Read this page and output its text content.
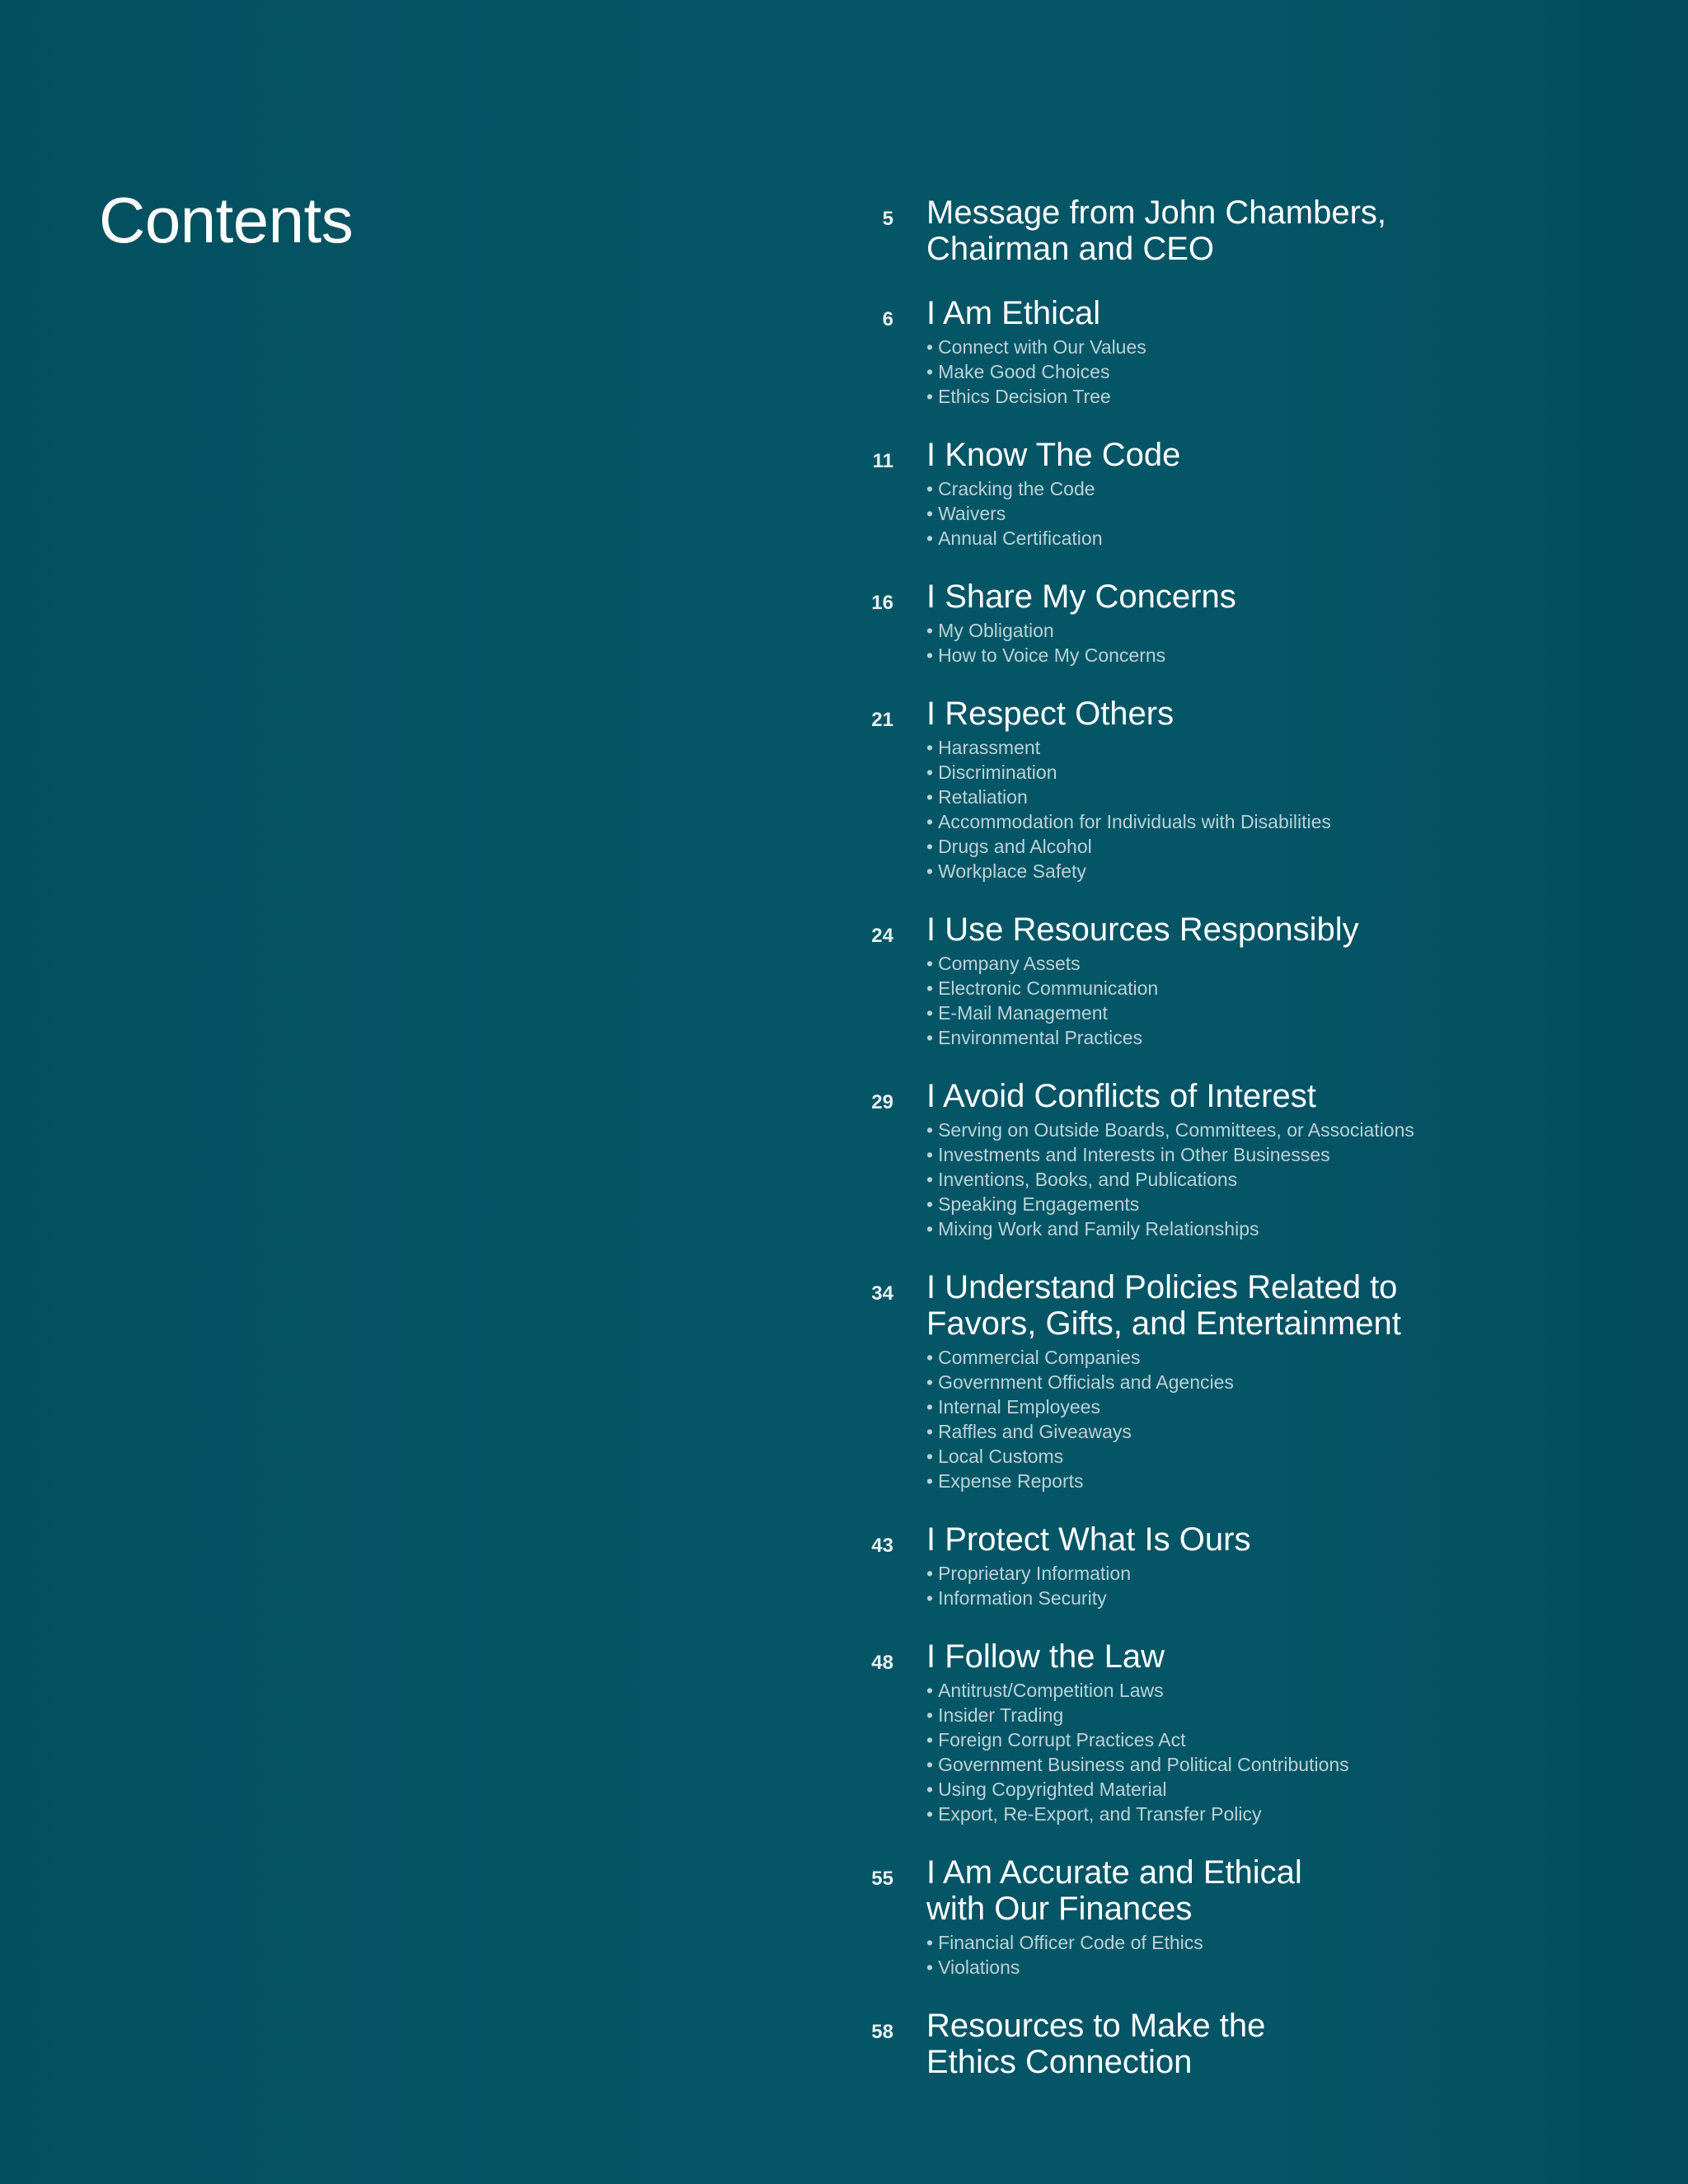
Contents	5 Message from John Chambers,
Chairman and CEO
6 I Am Ethical
• Connect with Our Values
• Make Good Choices
• Ethics Decision Tree
11 I Know The Code
• Cracking the Code
• Waivers
• Annual Certification
16 I Share My Concerns
• My Obligation
• How to Voice My Concerns
21 I Respect Others
• Harassment
• Discrimination
• Retaliation
• Accommodation for Individuals with Disabilities
• Drugs and Alcohol
• Workplace Safety
24 I Use Resources Responsibly
• Company Assets
• Electronic Communication
• E-Mail Management
• Environmental Practices
29 I Avoid Conflicts of Interest
• Serving on Outside Boards, Committees, or Associations
• Investments and Interests in Other Businesses
• Inventions, Books, and Publications
• Speaking Engagements
• Mixing Work and Family Relationships
34 I Understand Policies Related to
Favors, Gifts, and Entertainment
• Commercial Companies
• Government Officials and Agencies
• Internal Employees
• Raffles and Giveaways
• Local Customs
• Expense Reports
43 I Protect What Is Ours
• Proprietary Information
• Information Security
48 I Follow the Law
• Antitrust/Competition Laws
• Insider Trading
• Foreign Corrupt Practices Act
• Government Business and Political Contributions
• Using Copyrighted Material
• Export, Re-Export, and Transfer Policy
55 I Am Accurate and Ethical
with Our Finances
• Financial Officer Code of Ethics
• Violations
58 Resources to Make the
Ethics Connection
